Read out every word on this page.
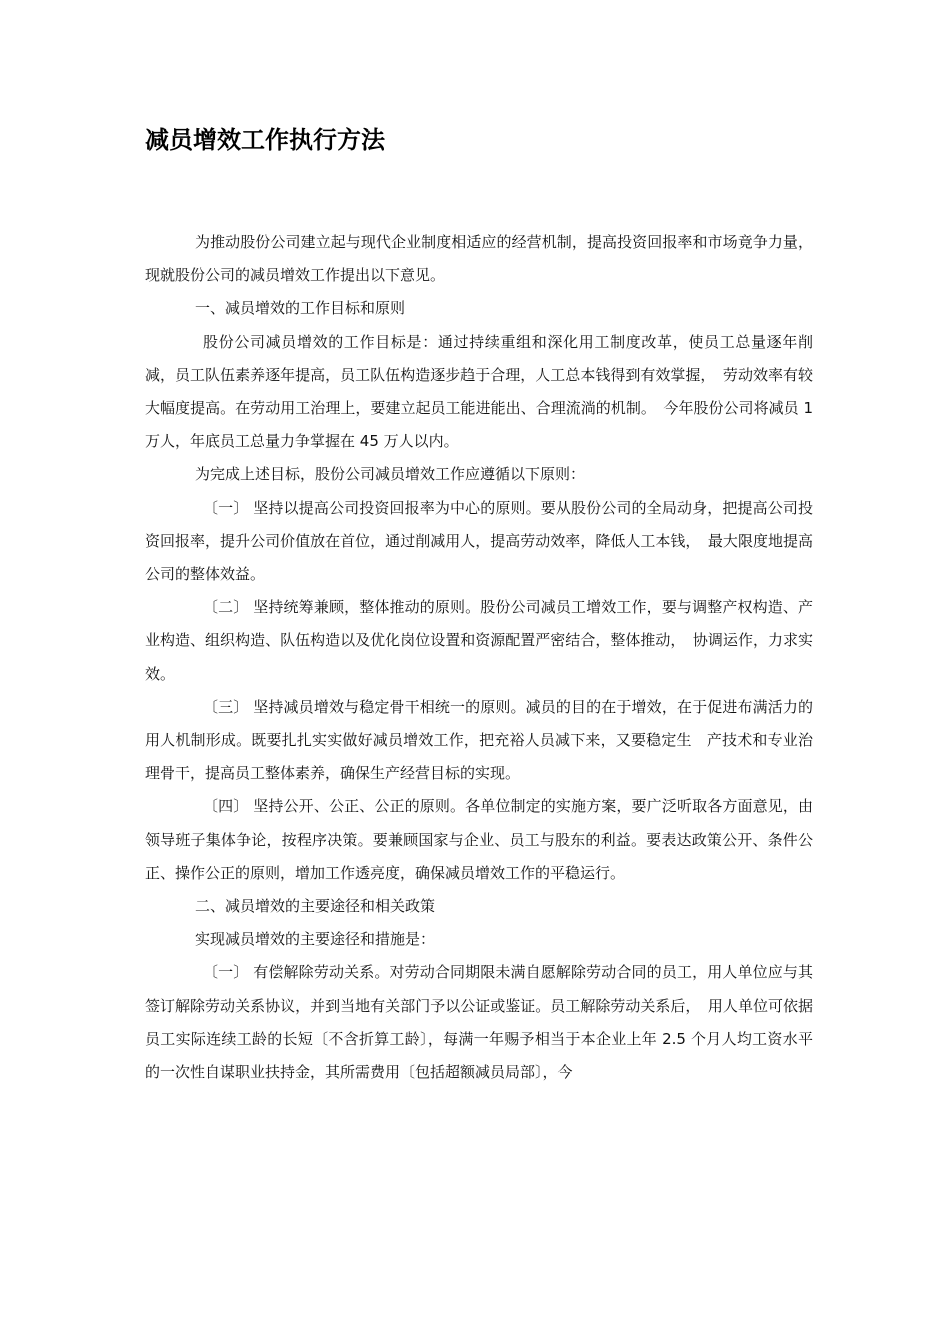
减员增效工作执行方法

为推动股份公司建立起与现代企业制度相适应的经营机制，提高投资回报率和市场竟争力量，现就股份公司的减员增效工作提出以下意见。

一、减员增效的工作目标和原则

股份公司减员增效的工作目标是：通过持续重组和深化用工制度改革，使员工总量逐年削减，员工队伍素养逐年提高，员工队伍构造逐步趋于合理，人工总本钱得到有效掌握，　劳动效率有较大幅度提高。在劳动用工治理上，要建立起员工能进能出、合理流淌的机制。　今年股份公司将减员 1 万人，年底员工总量力争掌握在 45 万人以内。

为完成上述目标，股份公司减员增效工作应遵循以下原则：

〔一〕 坚持以提高公司投资回报率为中心的原则。要从股份公司的全局动身，把提高公司投资回报率，提升公司价值放在首位，通过削减用人，提高劳动效率，降低人工本钱，　最大限度地提高公司的整体效益。

〔二〕 坚持统筹兼顾，整体推动的原则。股份公司减员工增效工作，要与调整产权构造、产业构造、组织构造、队伍构造以及优化岗位设置和资源配置严密结合，整体推动，　协调运作，力求实效。

〔三〕 坚持减员增效与稳定骨干相统一的原则。减员的目的在于增效，在于促进布满活力的用人机制形成。既要扎扎实实做好减员增效工作，把充裕人员减下来，又要稳定生　产技术和专业治理骨干，提高员工整体素养，确保生产经营目标的实现。

〔四〕 坚持公开、公正、公正的原则。各单位制定的实施方案，要广泛听取各方面意见，由领导班子集体争论，按程序决策。要兼顾国家与企业、员工与股东的利益。要表达政策公开、条件公正、操作公正的原则，增加工作透亮度，确保减员增效工作的平稳运行。

二、减员增效的主要途径和相关政策

实现减员增效的主要途径和措施是：

〔一〕 有偿解除劳动关系。对劳动合同期限未满自愿解除劳动合同的员工，用人单位应与其签订解除劳动关系协议，并到当地有关部门予以公证或鉴证。员工解除劳动关系后，　用人单位可依据员工实际连续工龄的长短〔不含折算工龄〕，每满一年赐予相当于本企业上年 2.5 个月人均工资水平的一次性自谋职业扶持金，其所需费用〔包括超额减员局部〕，今
